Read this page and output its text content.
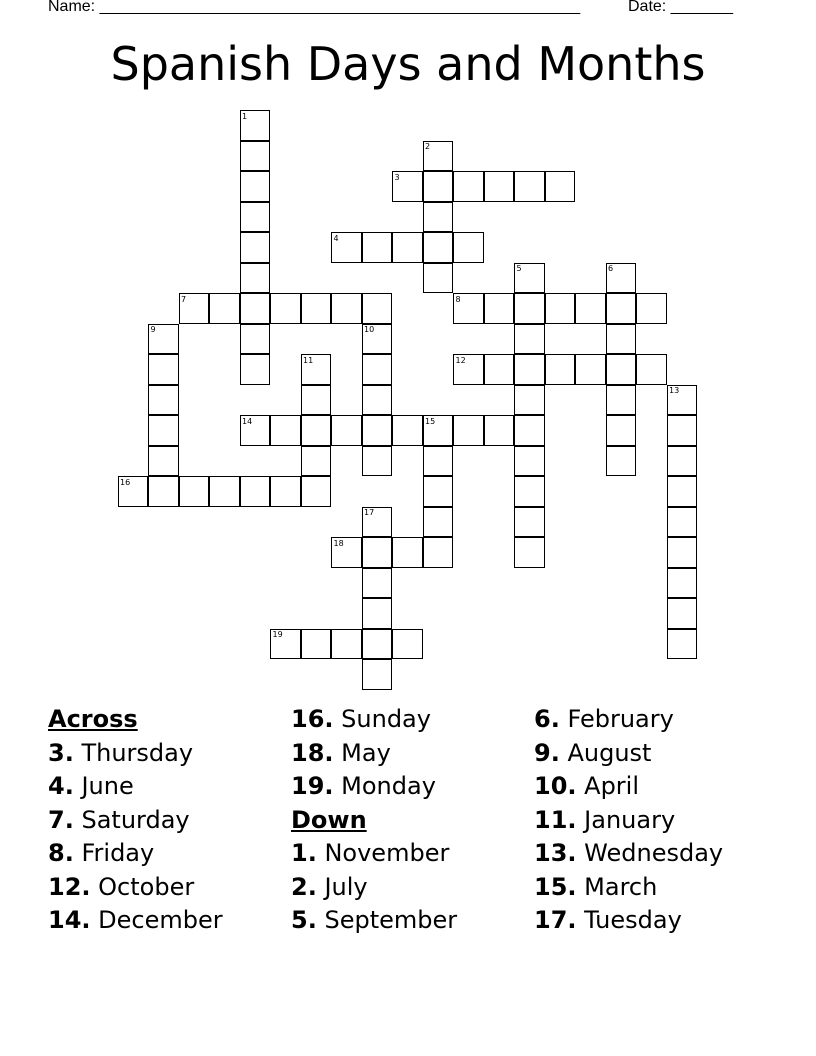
Name: ______________________________________________________	Date: _______
Spanish Days and Months
1
2
3
4
5	6
7	8
9	10
11	12
13
14	15
16
17
18
19
Across
3. Thursday
4. June
7. Saturday
8. Friday
12. October
14. December
16. Sunday
18. May
19. Monday
Down
1. November
2. July
5. September
6. February
9. August
10. April
11. January
13. Wednesday
15. March
17. Tuesday
